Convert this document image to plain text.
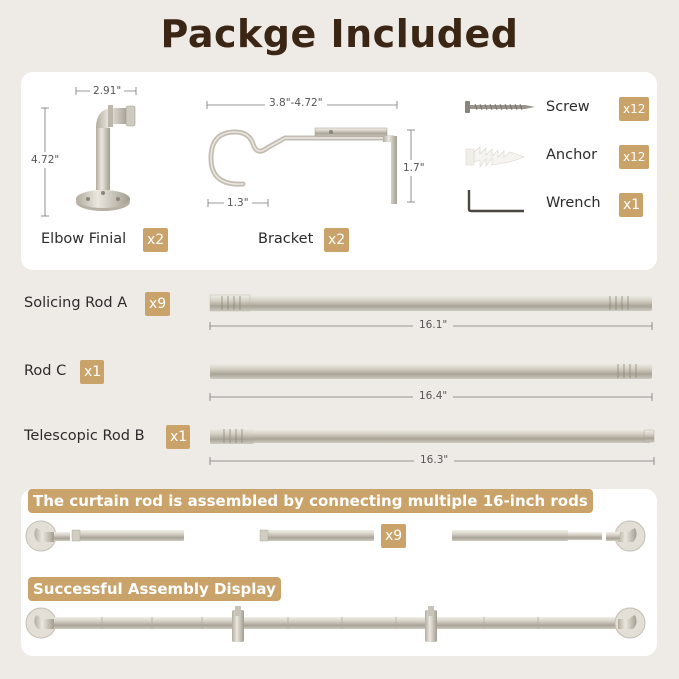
Packge Included
2.91"
4.72"
Elbow Finial x2
3.8"-4.72"
1.7"
1.3"
Bracket x2
Screw	x12
Anchor	x12
Wrench x1
Solicing Rod A x9
16.1"
Rod C x1
16.4"
Telescopic Rod B x1
16.3"
The curtain rod is assembled by connecting multiple 16-inch rods
x9
Successful Assembly Display
